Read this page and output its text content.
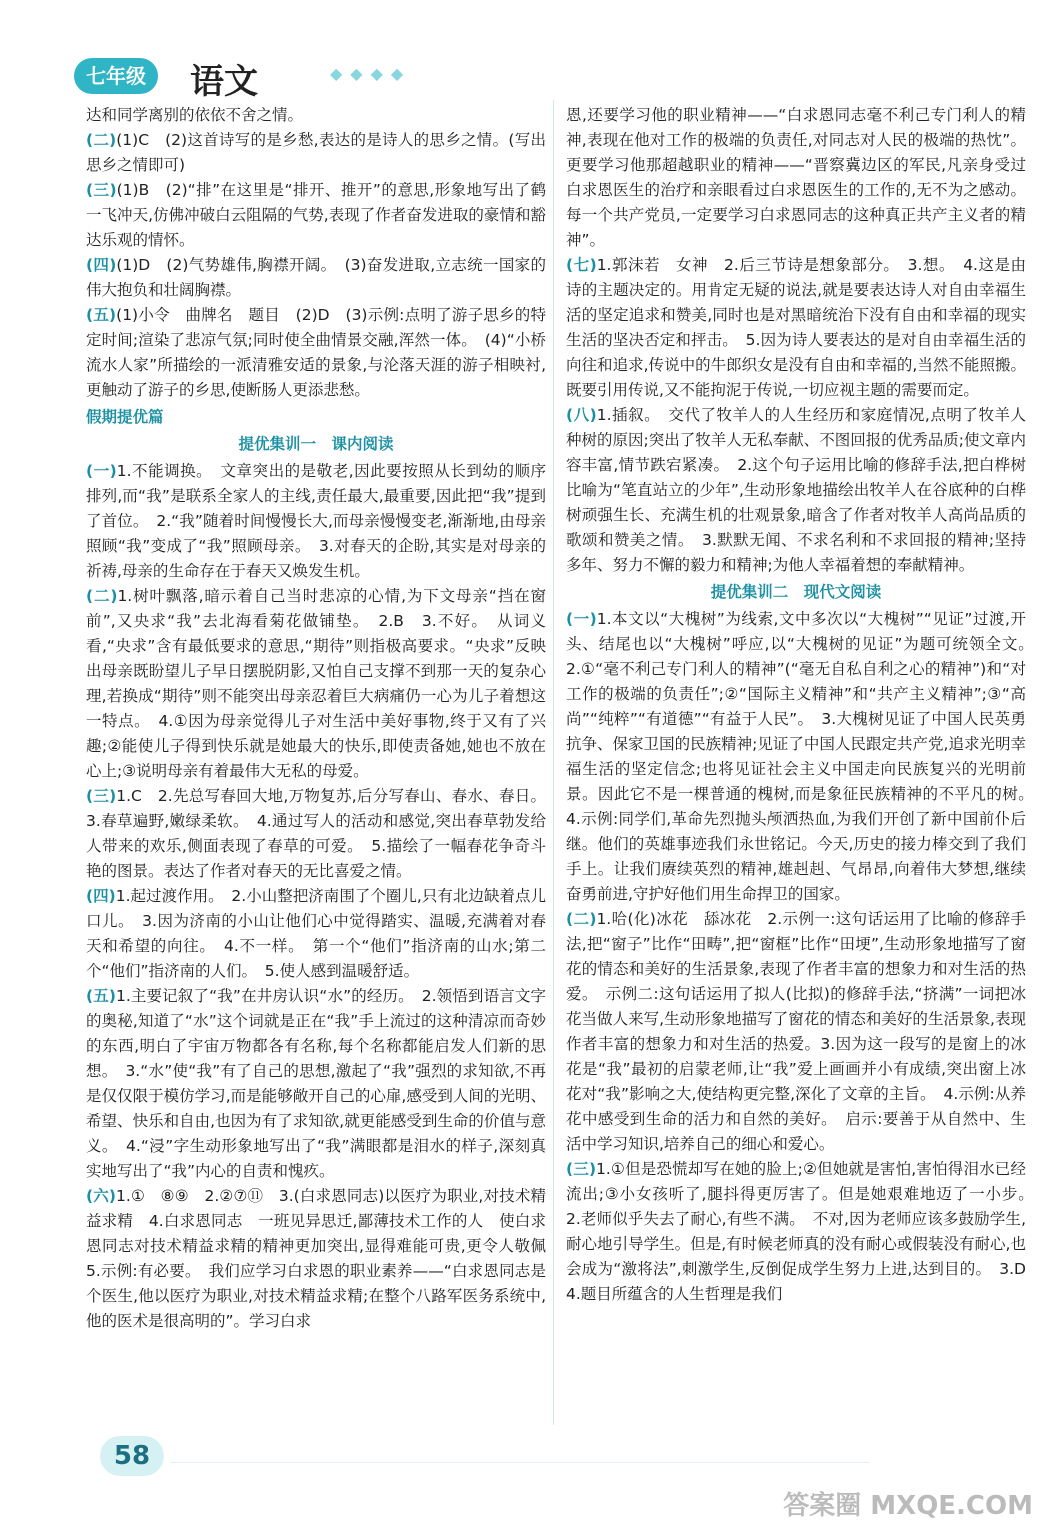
七年级	语文	◆◆◆◆
达和同学离别的依依不舍之情。
(二)(1)C　(2)这首诗写的是乡愁,表达的是诗人的思乡之情。(写出思乡之情即可)
(三)(1)B　(2)“排”在这里是“排开、推开”的意思,形象地写出了鹤一飞冲天,仿佛冲破白云阻隔的气势,表现了作者奋发进取的豪情和豁达乐观的情怀。
(四)(1)D　(2)气势雄伟,胸襟开阔。　(3)奋发进取,立志统一国家的伟大抱负和壮阔胸襟。
(五)(1)小令　曲牌名　题目　(2)D　(3)示例:点明了游子思乡的特定时间;渲染了悲凉气氛;同时使全曲情景交融,浑然一体。　(4)“小桥流水人家”所描绘的一派清雅安适的景象,与沦落天涯的游子相映衬,更触动了游子的乡思,使断肠人更添悲愁。
假期提优篇
提优集训一　课内阅读
(一)1.不能调换。　文章突出的是敬老,因此要按照从长到幼的顺序排列,而“我”是联系全家人的主线,责任最大,最重要,因此把“我”提到了首位。　2.“我”随着时间慢慢长大,而母亲慢慢变老,渐渐地,由母亲照顾“我”变成了“我”照顾母亲。　3.对春天的企盼,其实是对母亲的祈祷,母亲的生命存在于春天又焕发生机。
(二)1.树叶飘落,暗示着自己当时悲凉的心情,为下文母亲“挡在窗前”,又央求“我”去北海看菊花做铺垫。　2.B　3.不好。　从词义看,“央求”含有最低要求的意思,“期待”则指极高要求。“央求”反映出母亲既盼望儿子早日摆脱阴影,又怕自己支撑不到那一天的复杂心理,若换成“期待”则不能突出母亲忍着巨大病痛仍一心为儿子着想这一特点。　4.①因为母亲觉得儿子对生活中美好事物,终于又有了兴趣;②能使儿子得到快乐就是她最大的快乐,即使责备她,她也不放在心上;③说明母亲有着最伟大无私的母爱。
(三)1.C　2.先总写春回大地,万物复苏,后分写春山、春水、春日。3.春草遍野,嫩绿柔软。　4.通过写人的活动和感觉,突出春草勃发给人带来的欢乐,侧面表现了春草的可爱。　5.描绘了一幅春花争奇斗艳的图景。表达了作者对春天的无比喜爱之情。
(四)1.起过渡作用。　2.小山整把济南围了个圈儿,只有北边缺着点儿口儿。　3.因为济南的小山让他们心中觉得踏实、温暖,充满着对春天和希望的向往。　4.不一样。　第一个“他们”指济南的山水;第二个“他们”指济南的人们。　5.使人感到温暖舒适。
(五)1.主要记叙了“我”在井房认识“水”的经历。　2.领悟到语言文字的奥秘,知道了“水”这个词就是正在“我”手上流过的这种清凉而奇妙的东西,明白了宇宙万物都各有名称,每个名称都能启发人们新的思想。　3.“水”使“我”有了自己的思想,激起了“我”强烈的求知欲,不再是仅仅限于模仿学习,而是能够敞开自己的心扉,感受到人间的光明、希望、快乐和自由,也因为有了求知欲,就更能感受到生命的价值与意义。　4.“浸”字生动形象地写出了“我”满眼都是泪水的样子,深刻真实地写出了“我”内心的自责和愧疚。
(六)1.①　⑧⑨　2.②⑦⑪　3.(白求恩同志)以医疗为职业,对技术精益求精　4.白求恩同志　一班见异思迁,鄙薄技术工作的人　使白求恩同志对技术精益求精的精神更加突出,显得难能可贵,更令人敬佩　5.示例:有必要。　我们应学习白求恩的职业素养——“白求恩同志是个医生,他以医疗为职业,对技术精益求精;在整个八路军医务系统中,他的医术是很高明的”。学习白求
恩,还要学习他的职业精神——“白求恩同志毫不利己专门利人的精神,表现在他对工作的极端的负责任,对同志对人民的极端的热忱”。更要学习他那超越职业的精神——“晋察冀边区的军民,凡亲身受过白求恩医生的治疗和亲眼看过白求恩医生的工作的,无不为之感动。每一个共产党员,一定要学习白求恩同志的这种真正共产主义者的精神”。
(七)1.郭沫若　女神　2.后三节诗是想象部分。　3.想。　4.这是由诗的主题决定的。用肯定无疑的说法,就是要表达诗人对自由幸福生活的坚定追求和赞美,同时也是对黑暗统治下没有自由和幸福的现实生活的坚决否定和抨击。　5.因为诗人要表达的是对自由幸福生活的向往和追求,传说中的牛郎织女是没有自由和幸福的,当然不能照搬。既要引用传说,又不能拘泥于传说,一切应视主题的需要而定。
(八)1.插叙。　交代了牧羊人的人生经历和家庭情况,点明了牧羊人种树的原因;突出了牧羊人无私奉献、不图回报的优秀品质;使文章内容丰富,情节跌宕紧凑。　2.这个句子运用比喻的修辞手法,把白桦树比喻为“笔直站立的少年”,生动形象地描绘出牧羊人在谷底种的白桦树顽强生长、充满生机的壮观景象,暗含了作者对牧羊人高尚品质的歌颂和赞美之情。　3.默默无闻、不求名利和不求回报的精神;坚持多年、努力不懈的毅力和精神;为他人幸福着想的奉献精神。
提优集训二　现代文阅读
(一)1.本文以“大槐树”为线索,文中多次以“大槐树”“见证”过渡,开头、结尾也以“大槐树”呼应,以“大槐树的见证”为题可统领全文。　2.①“毫不利己专门利人的精神”(“毫无自私自利之心的精神”)和“对工作的极端的负责任”;②“国际主义精神”和“共产主义精神”;③“高尚”“纯粹”“有道德”“有益于人民”。　3.大槐树见证了中国人民英勇抗争、保家卫国的民族精神;见证了中国人民跟定共产党,追求光明幸福生活的坚定信念;也将见证社会主义中国走向民族复兴的光明前景。因此它不是一棵普通的槐树,而是象征民族精神的不平凡的树。　4.示例:同学们,革命先烈抛头颅洒热血,为我们开创了新中国前仆后继。他们的英雄事迹我们永世铭记。今天,历史的接力棒交到了我们手上。让我们赓续英烈的精神,雄赳赳、气昂昂,向着伟大梦想,继续奋勇前进,守护好他们用生命捍卫的国家。
(二)1.哈(化)冰花　舔冰花　2.示例一:这句话运用了比喻的修辞手法,把“窗子”比作“田畴”,把“窗框”比作“田埂”,生动形象地描写了窗花的情态和美好的生活景象,表现了作者丰富的想象力和对生活的热爱。　示例二:这句话运用了拟人(比拟)的修辞手法,“挤满”一词把冰花当做人来写,生动形象地描写了窗花的情态和美好的生活景象,表现作者丰富的想象力和对生活的热爱。3.因为这一段写的是窗上的冰花是“我”最初的启蒙老师,让“我”爱上画画并小有成绩,突出窗上冰花对“我”影响之大,使结构更完整,深化了文章的主旨。　4.示例:从养花中感受到生命的活力和自然的美好。　启示:要善于从自然中、生活中学习知识,培养自己的细心和爱心。
(三)1.①但是恐慌却写在她的脸上;②但她就是害怕,害怕得泪水已经流出;③小女孩听了,腿抖得更厉害了。但是她艰难地迈了一小步。　2.老师似乎失去了耐心,有些不满。　不对,因为老师应该多鼓励学生,耐心地引导学生。但是,有时候老师真的没有耐心或假装没有耐心,也会成为“激将法”,刺激学生,反倒促成学生努力上进,达到目的。　3.D　4.题目所蕴含的人生哲理是我们
58
答案圈 MXQE.COM
